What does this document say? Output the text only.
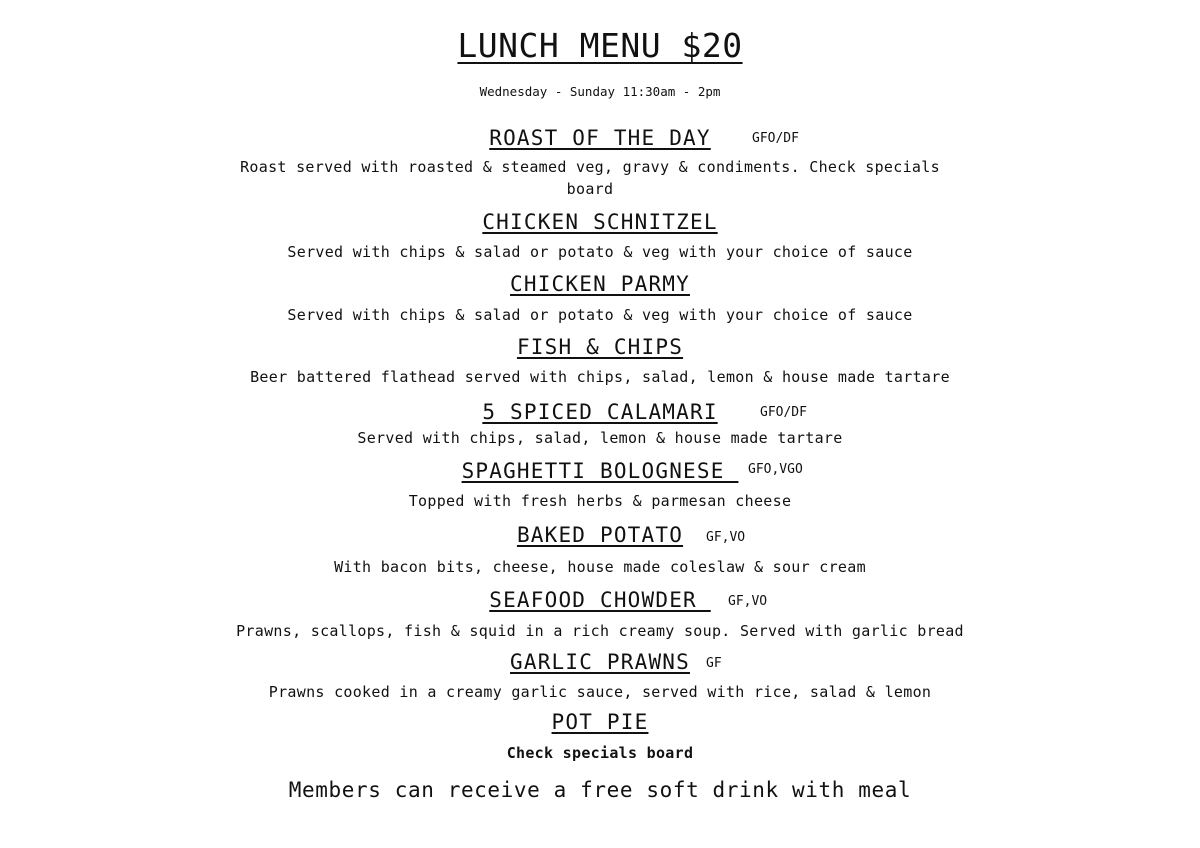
LUNCH MENU $20
Wednesday - Sunday 11:30am - 2pm
ROAST OF THE DAY	GFO/DF
Roast served with roasted & steamed veg, gravy & condiments. Check specials board
CHICKEN SCHNITZEL
Served with chips & salad or potato & veg with your choice of sauce
CHICKEN PARMY
Served with chips & salad or potato & veg with your choice of sauce
FISH & CHIPS
Beer battered flathead served with chips, salad, lemon & house made tartare
5 SPICED CALAMARI	GFO/DF
Served with chips, salad, lemon & house made tartare
SPAGHETTI BOLOGNESE GFO,VGO
Topped with fresh herbs & parmesan cheese
BAKED POTATO	GF,VO
With bacon bits, cheese, house made coleslaw & sour cream
SEAFOOD CHOWDER	GF,VO
Prawns, scallops, fish & squid in a rich creamy soup. Served with garlic bread
GARLIC PRAWNS	GF
Prawns cooked in a creamy garlic sauce, served with rice, salad & lemon
POT PIE
Check specials board
Members can receive a free soft drink with meal
